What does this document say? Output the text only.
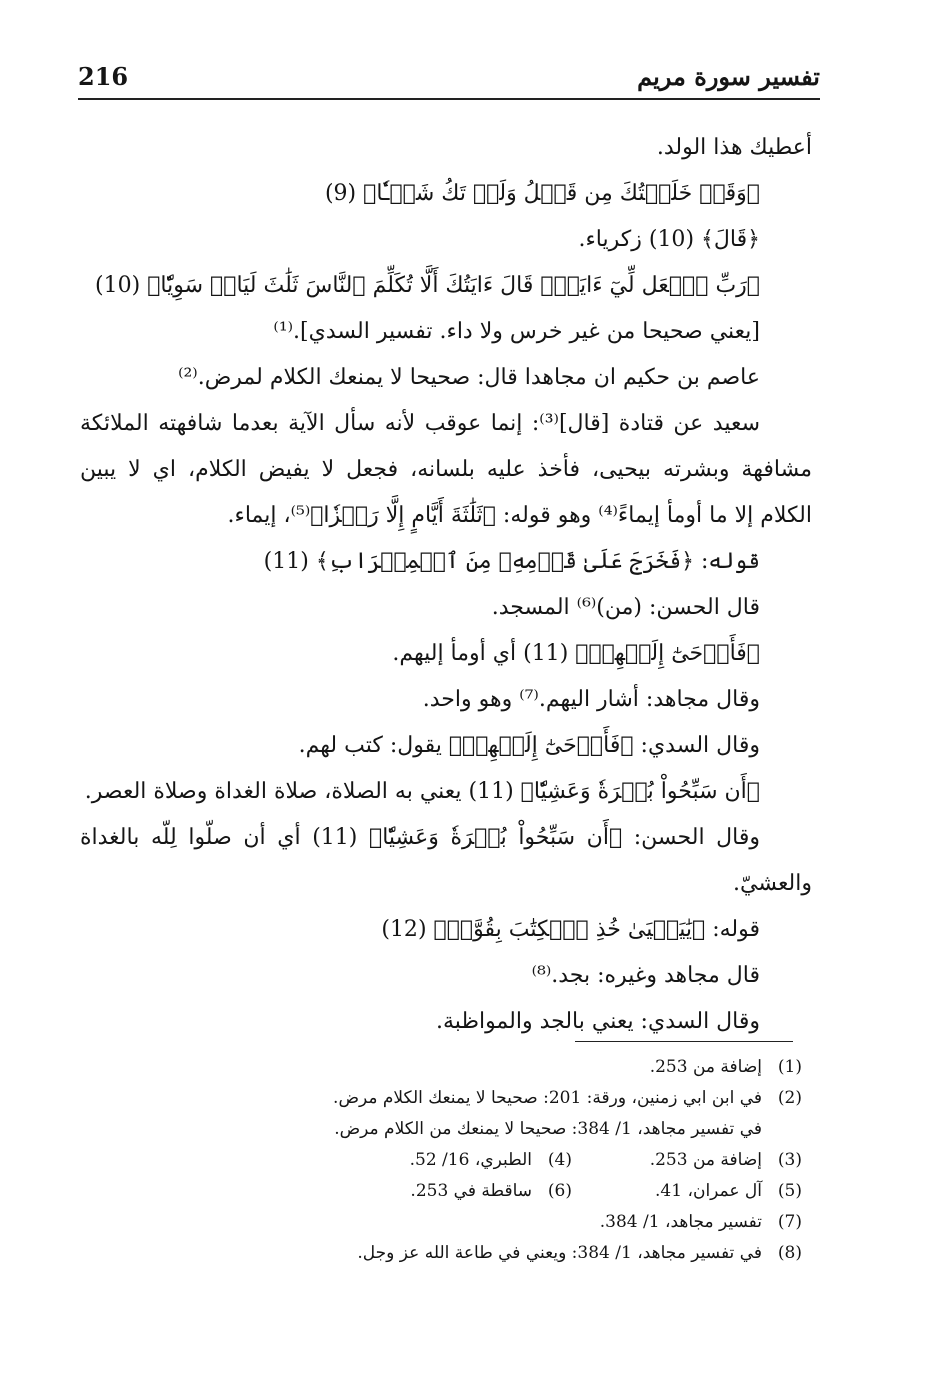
216	تفسير سورة مريم
أعطيك هذا الولد.
﴿وَقَدۡ خَلَقۡتُكَ مِن قَبۡلُ وَلَمۡ تَكُ شَيۡـٔٗا﴾ (9)
﴿قَالَ﴾ (10) زكرياء.
﴿رَبِّ ٱجۡعَل لِّيٓ ءَايَةٗۖ قَالَ ءَايَتُكَ أَلَّا تُكَلِّمَ ٱلنَّاسَ ثَلَٰثَ لَيَالٖ سَوِيّٗا﴾ (10)
[يعني صحيحا من غير خرس ولا داء. تفسير السدي].⁽¹⁾
عاصم بن حكيم ان مجاهدا قال: صحيحا لا يمنعك الكلام لمرض.⁽²⁾
سعيد عن قتادة [قال]⁽³⁾: إنما عوقب لأنه سأل الآية بعدما شافهته الملائكة
مشافهة وبشرته بيحيى، فأخذ عليه بلسانه، فجعل لا يفيض الكلام، اي لا يبين
الكلام إلا ما أومأ إيماءً⁽⁴⁾ وهو قوله: ﴿ثَلَٰثَةَ أَيَّامٍ إِلَّا رَمۡزٗا﴾⁽⁵⁾، إيماء.
قوله: ﴿فَخَرَجَ عَلَىٰ قَوۡمِهِۦ مِنَ ٱلۡمِحۡرَابِ﴾ (11)
قال الحسن: (من)⁽⁶⁾ المسجد.
﴿فَأَوۡحَىٰٓ إِلَيۡهِمۡ﴾ (11) أي أومأ إليهم.
وقال مجاهد: أشار اليهم.⁽⁷⁾ وهو واحد.
وقال السدي: ﴿فَأَوۡحَىٰٓ إِلَيۡهِمۡ﴾ يقول: كتب لهم.
﴿أَن سَبِّحُواْ بُكۡرَةٗ وَعَشِيّٗا﴾ (11) يعني به الصلاة، صلاة الغداة وصلاة العصر.
وقال الحسن: ﴿أَن سَبِّحُواْ بُكۡرَةٗ وَعَشِيّٗا﴾ (11) أي أن صلّوا لِلّه بالغداة
والعشيّ.
قوله: ﴿يَٰيَحۡيَىٰ خُذِ ٱلۡكِتَٰبَ بِقُوَّةٖ﴾ (12)
قال مجاهد وغيره: بجد.⁽⁸⁾
وقال السدي: يعني بالجد والمواظبة.
(1)
إضافة من 253.
(2)
في ابن ابي زمنين، ورقة: 201: صحيحا لا يمنعك الكلام مرض.
في تفسير مجاهد، 1/ 384: صحيحا لا يمنعك من الكلام مرض.
(3)
إضافة من 253.
(4)
الطبري، 16/ 52.
(5)
آل عمران، 41.
(6)
ساقطة في 253.
(7)
تفسير مجاهد، 1/ 384.
(8)
في تفسير مجاهد، 1/ 384: ويعني في طاعة الله عز وجل.
